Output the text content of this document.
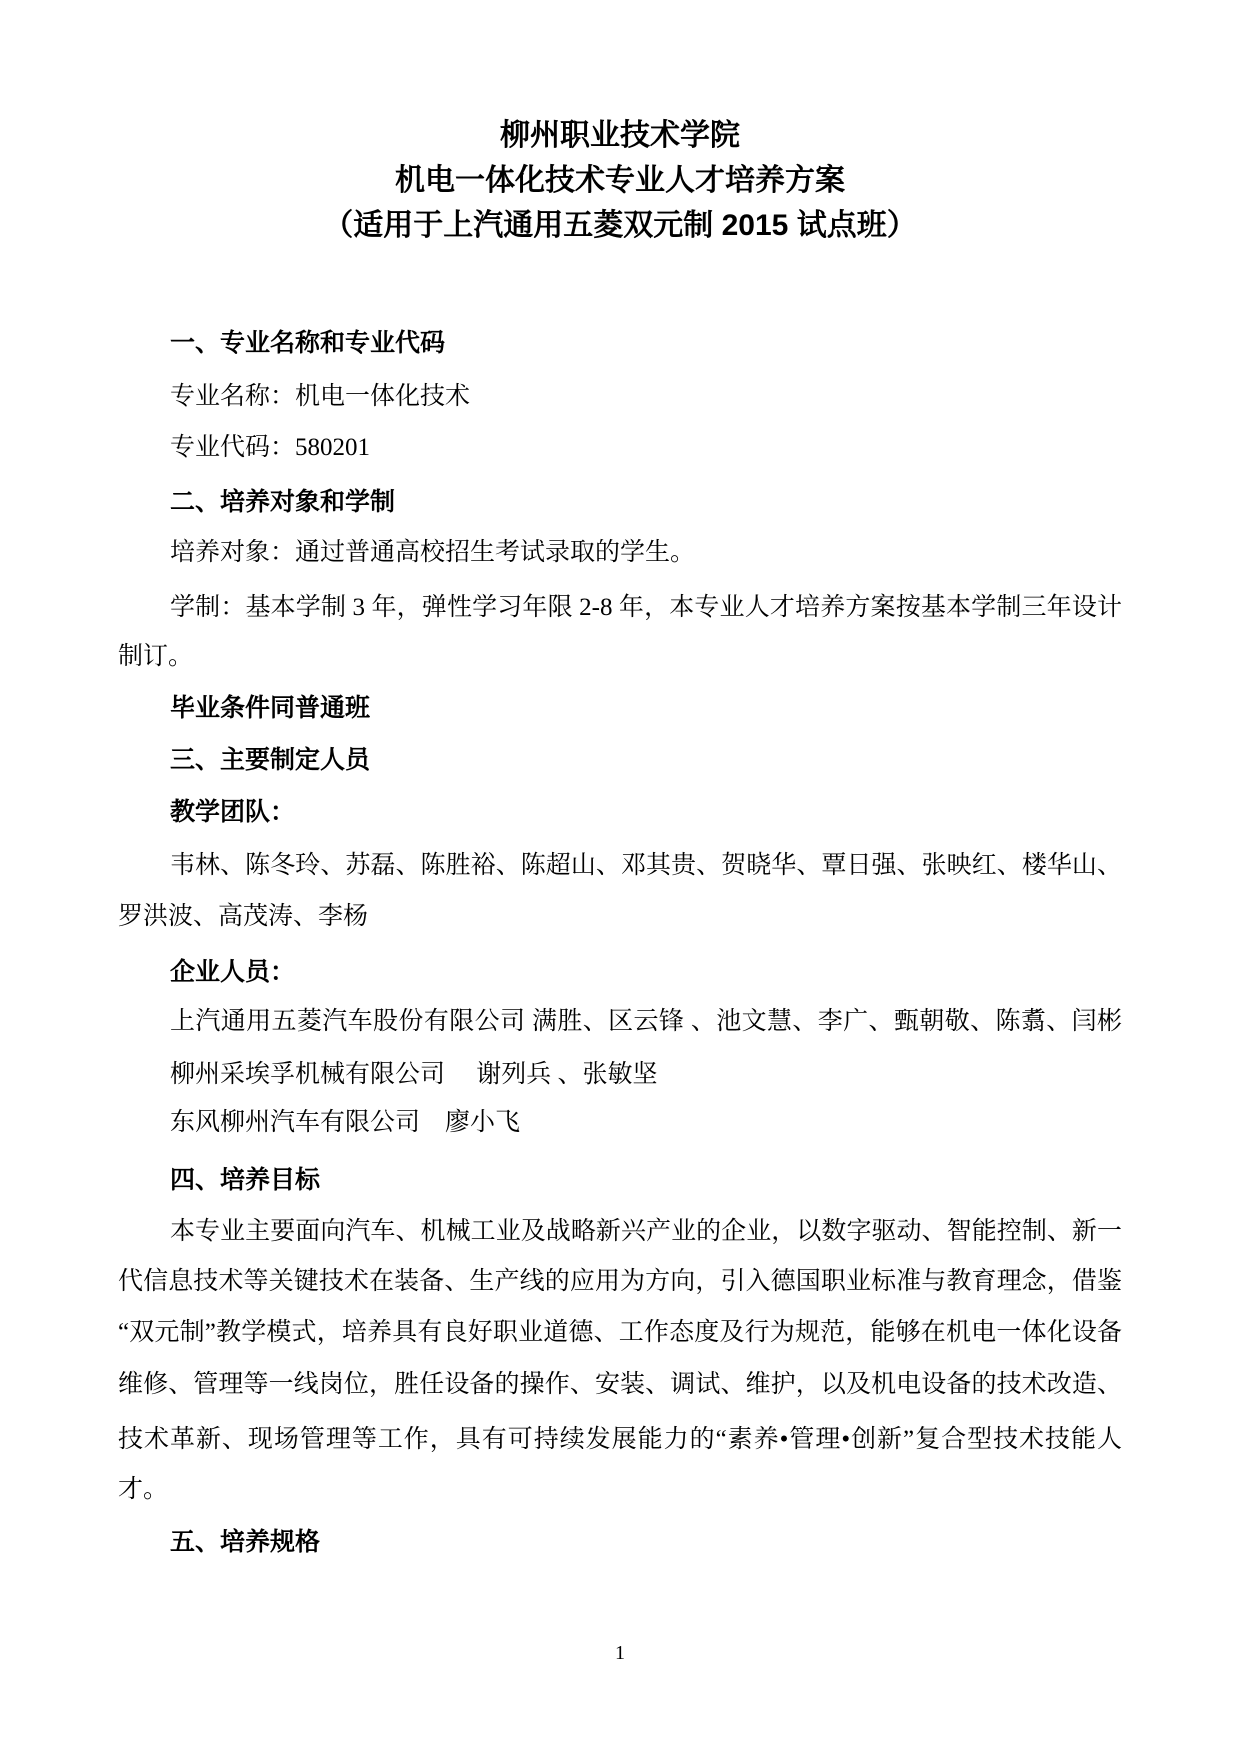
柳州职业技术学院
机电一体化技术专业人才培养方案
（适用于上汽通用五菱双元制 2015 试点班）
一、专业名称和专业代码
专业名称：机电一体化技术
专业代码：580201
二、培养对象和学制
培养对象：通过普通高校招生考试录取的学生。
学制：基本学制 3 年，弹性学习年限 2-8 年，本专业人才培养方案按基本学制三年设计
制订。
毕业条件同普通班
三、主要制定人员
教学团队：
韦林、陈冬玲、苏磊、陈胜裕、陈超山、邓其贵、贺晓华、覃日强、张映红、楼华山、
罗洪波、高茂涛、李杨
企业人员：
上汽通用五菱汽车股份有限公司 满胜、区云锋 、池文慧、李广、甄朝敬、陈翥、闫彬
柳州采埃孚机械有限公司　 谢列兵 、张敏坚
东风柳州汽车有限公司　廖小飞
四、培养目标
本专业主要面向汽车、机械工业及战略新兴产业的企业，以数字驱动、智能控制、新一
代信息技术等关键技术在装备、生产线的应用为方向，引入德国职业标准与教育理念，借鉴
“双元制”教学模式，培养具有良好职业道德、工作态度及行为规范，能够在机电一体化设备
维修、管理等一线岗位，胜任设备的操作、安装、调试、维护，以及机电设备的技术改造、
技术革新、现场管理等工作，具有可持续发展能力的“素养•管理•创新”复合型技术技能人
才。
五、培养规格
1
